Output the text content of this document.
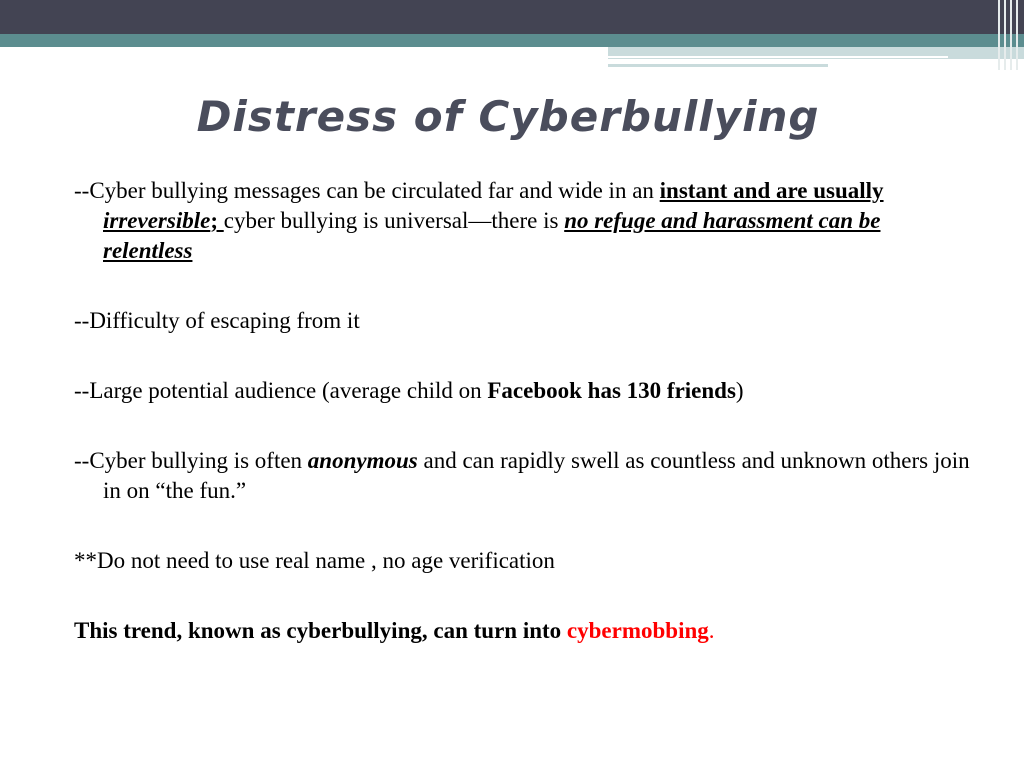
Distress of Cyberbullying

--Cyber bullying messages can be circulated far and wide in an instant and are usually irreversible; cyber bullying is universal—there is no refuge and harassment can be relentless

--Difficulty of escaping from it

--Large potential audience (average child on Facebook has 130 friends)

--Cyber bullying is often anonymous and can rapidly swell as countless and unknown others join in on “the fun.”

**Do not need to use real name , no age verification

This trend, known as cyberbullying, can turn into cybermobbing.
